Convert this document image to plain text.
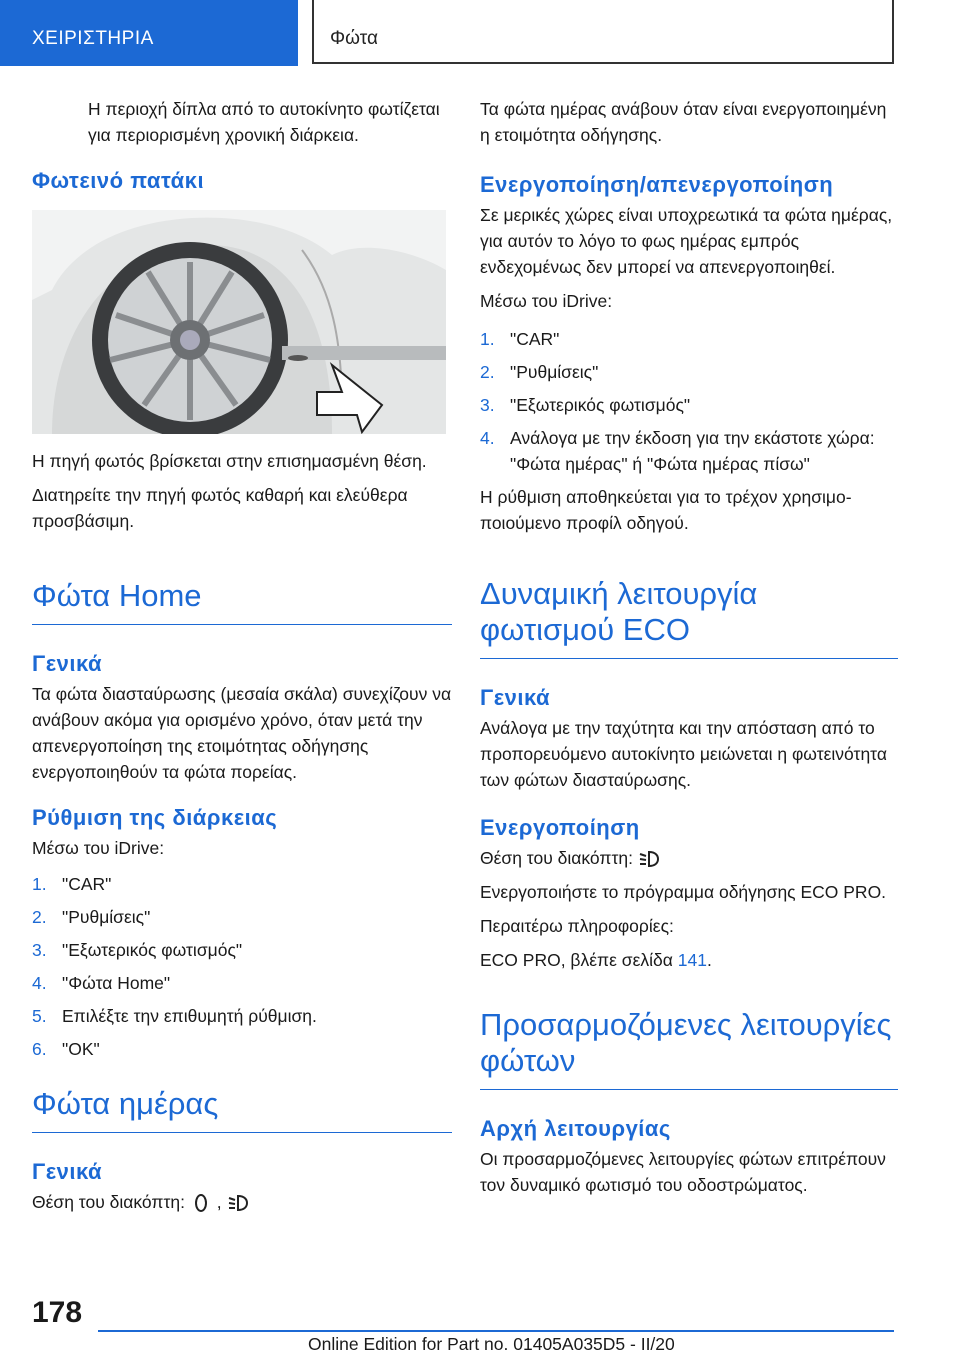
ΧΕΙΡΙΣΤΗΡΙΑ	Φώτα

Η περιοχή δίπλα από το αυτοκίνητο φωτίζεται για περιορισμένη χρονική διάρκεια.

Φωτεινό πατάκι

Η πηγή φωτός βρίσκεται στην επισημασμένη θέση.

Διατηρείτε την πηγή φωτός καθαρή και ελεύθερα προσβάσιμη.

Φώτα Home
Γενικά

Τα φώτα διασταύρωσης (μεσαία σκάλα) συνεχίζουν να ανάβουν ακόμα για ορισμένο χρόνο, όταν μετά την απενεργοποίηση της ετοιμότητας οδήγησης ενεργοποιηθούν τα φώτα πορείας.

Ρύθμιση της διάρκειας

Μέσω του iDrive:

1. "CAR"
2. "Ρυθμίσεις"
3. "Εξωτερικός φωτισμός"
4. "Φώτα Home"
5. Επιλέξτε την επιθυμητή ρύθμιση.
6. "OK"
Φώτα ημέρας
Γενικά

Θέση του διακόπτη: ,

Τα φώτα ημέρας ανάβουν όταν είναι ενεργοποιημένη η ετοιμότητα οδήγησης.

Ενεργοποίηση/απενεργοποίηση

Σε μερικές χώρες είναι υποχρεωτικά τα φώτα ημέρας, για αυτόν το λόγο το φως ημέρας εμπρός ενδεχομένως δεν μπορεί να απενεργοποιηθεί.

Μέσω του iDrive:

1. "CAR"
2. "Ρυθμίσεις"
3. "Εξωτερικός φωτισμός"
4. Ανάλογα με την έκδοση για την εκάστοτε χώρα: "Φώτα ημέρας" ή "Φώτα ημέρας πίσω"

Η ρύθμιση αποθηκεύεται για το τρέχον χρησιμοποιούμενο προφίλ οδηγού.

Δυναμική λειτουργία φωτισμού ECO
Γενικά

Ανάλογα με την ταχύτητα και την απόσταση από το προπορευόμενο αυτοκίνητο μειώνεται η φωτεινότητα των φώτων διασταύρωσης.

Ενεργοποίηση

Θέση του διακόπτη:

Ενεργοποιήστε το πρόγραμμα οδήγησης ECO PRO.

Περαιτέρω πληροφορίες:

ECO PRO, βλέπε σελίδα 141.

Προσαρμοζόμενες λειτουργίες φώτων
Αρχή λειτουργίας

Οι προσαρμοζόμενες λειτουργίες φώτων επιτρέπουν τον δυναμικό φωτισμό του οδοστρώματος.

178
Online Edition for Part no. 01405A035D5 - II/20
